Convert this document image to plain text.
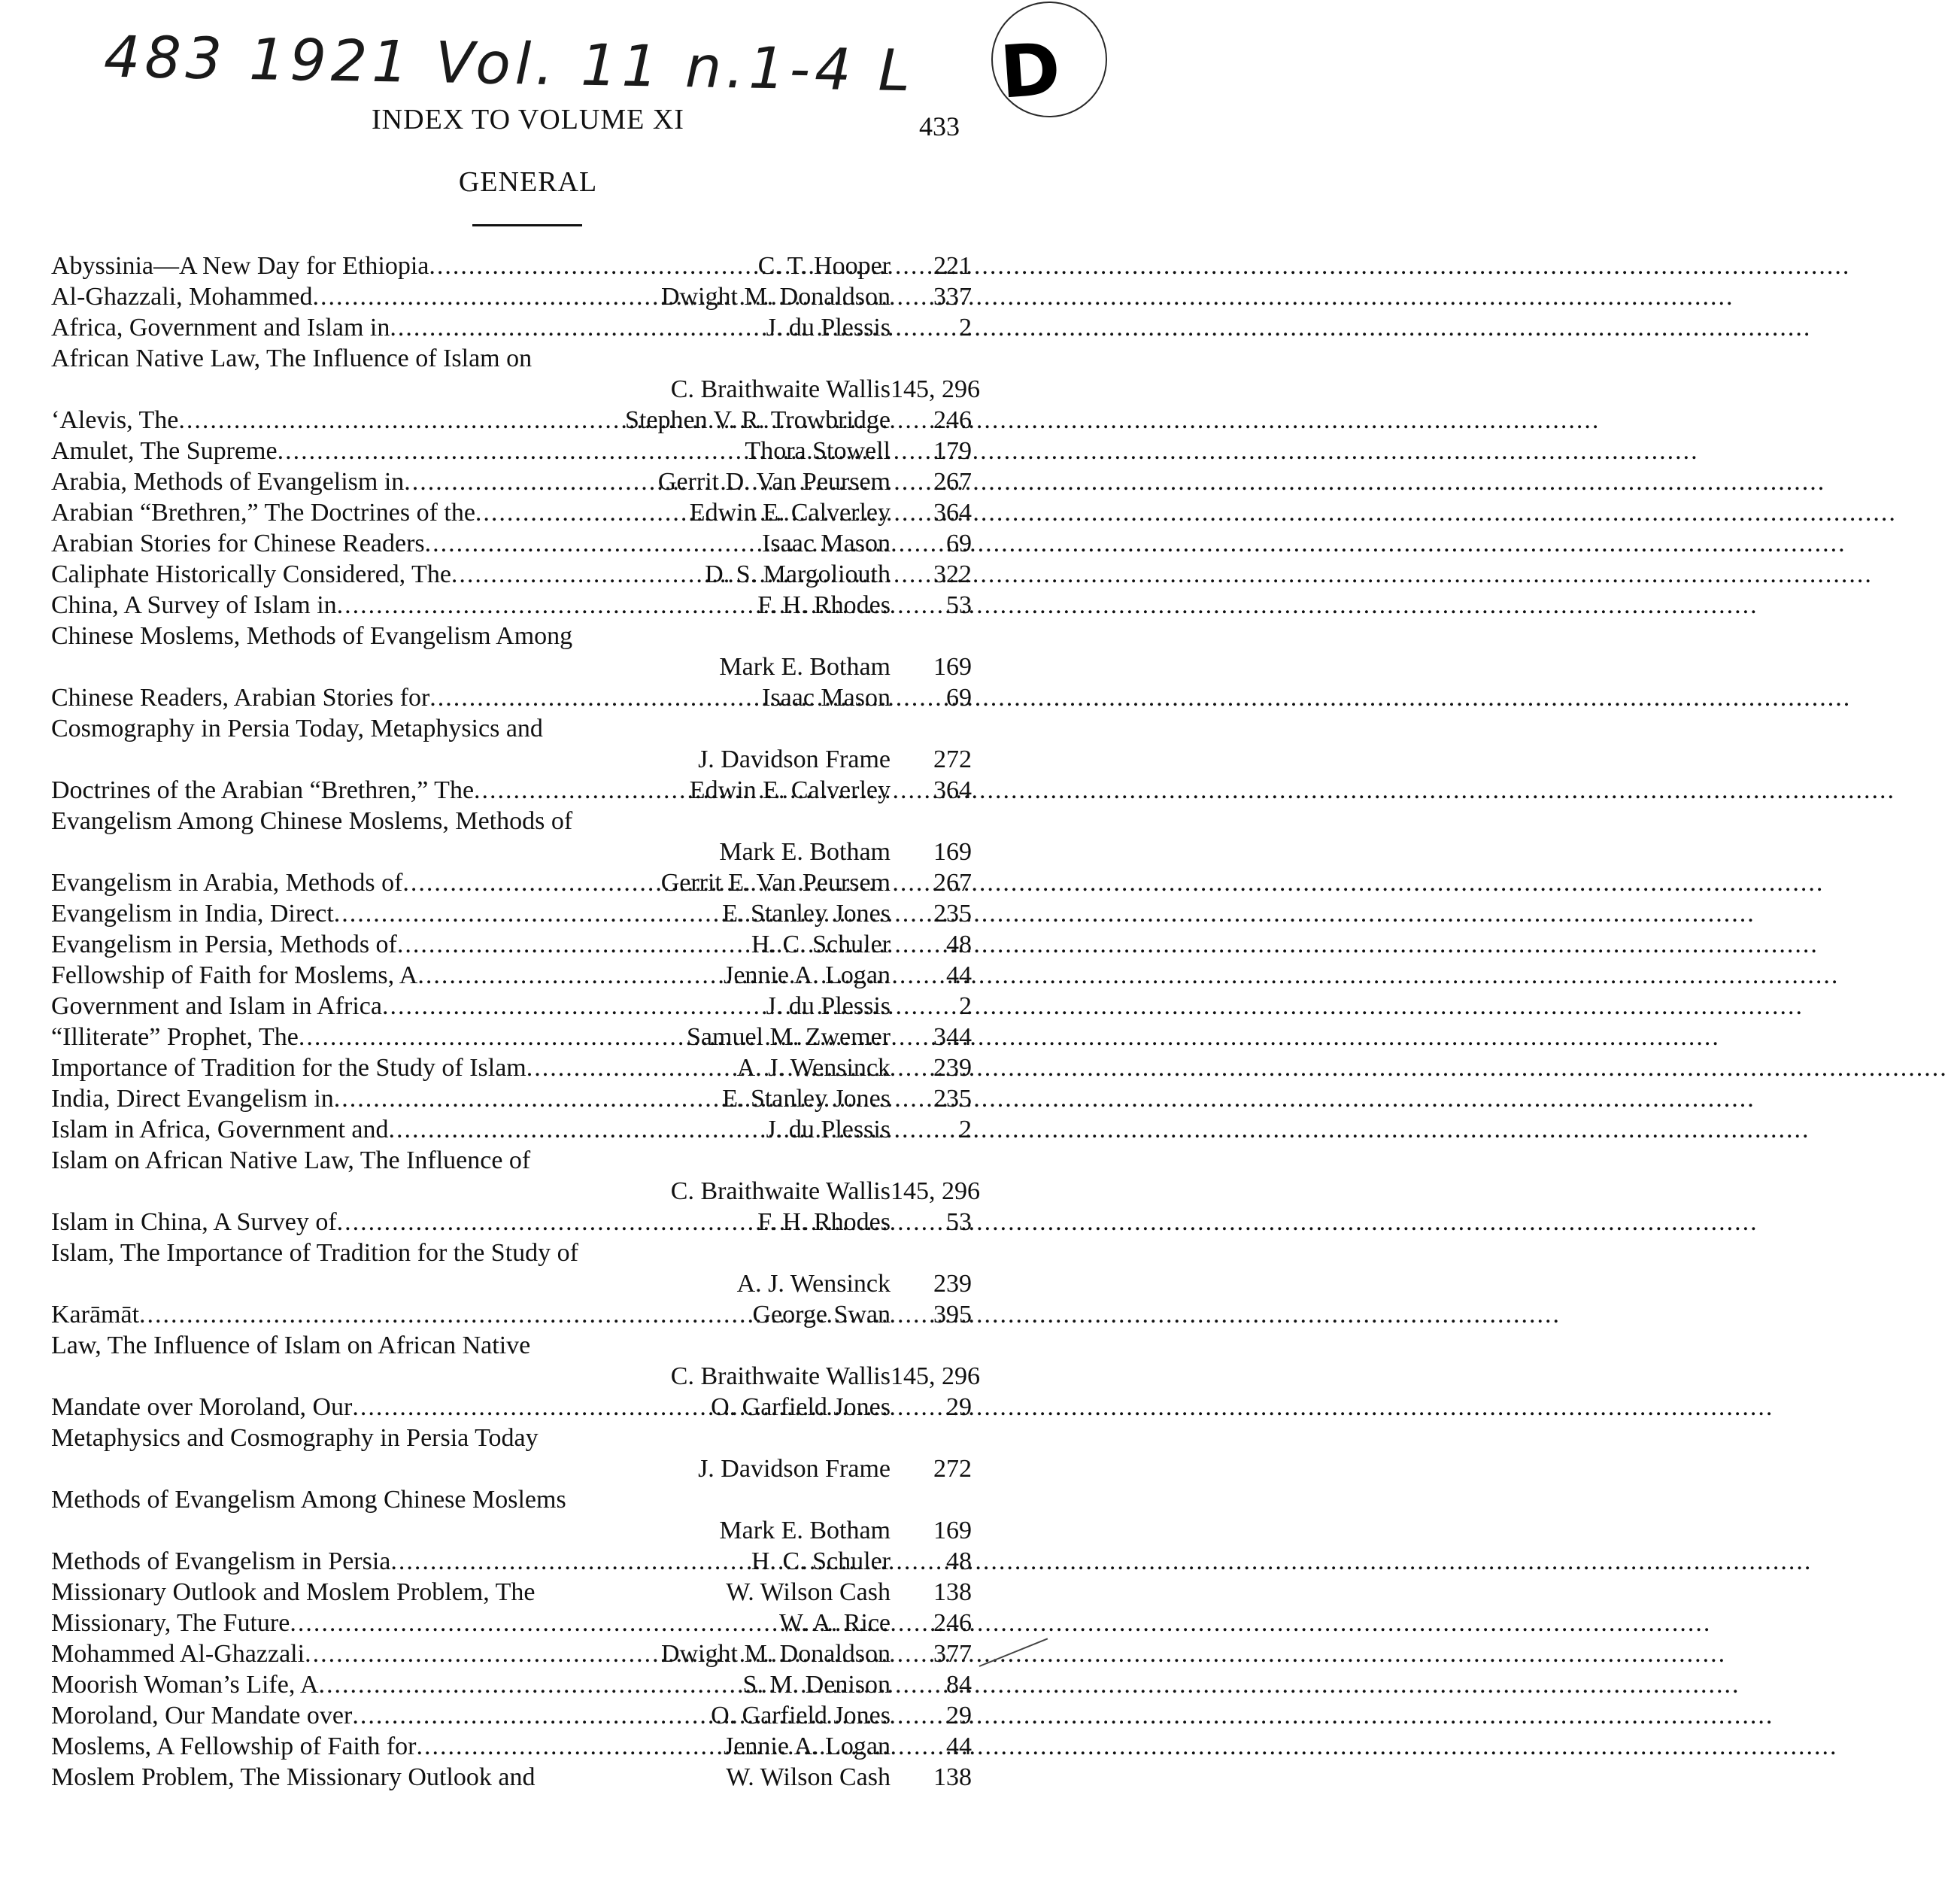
483 1921 Vol. 11 n.1-4 L D
INDEX TO VOLUME XI	433
GENERAL
Abyssinia—A New Day for Ethiopia .....	C. T. Hooper	221
Al-Ghazzali, Mohammed .....	Dwight M. Donaldson	337
Africa, Government and Islam in .....	J. du Plessis	2
African Native Law, The Influence of Islam on
C. Braithwaite Wallis 145, 296
‘Alevis, The .....	Stephen V. R. Trowbridge	246
Amulet, The Supreme .....	Thora Stowell	179
Arabia, Methods of Evangelism in .....	Gerrit D. Van Peursem	267
Arabian “Brethren,” The Doctrines of the .....	Edwin E. Calverley	364
Arabian Stories for Chinese Readers .....	Isaac Mason	69
Caliphate Historically Considered, The .....	D. S. Margoliouth	322
China, A Survey of Islam in .....	F. H. Rhodes	53
Chinese Moslems, Methods of Evangelism Among
Mark E. Botham	169
Chinese Readers, Arabian Stories for .....	Isaac Mason	69
Cosmography in Persia Today, Metaphysics and
J. Davidson Frame	272
Doctrines of the Arabian “Brethren,” The .....	Edwin E. Calverley	364
Evangelism Among Chinese Moslems, Methods of
Mark E. Botham	169
Evangelism in Arabia, Methods of .....	Gerrit E. Van Peursem	267
Evangelism in India, Direct .....	E. Stanley Jones	235
Evangelism in Persia, Methods of .....	H. C. Schuler	48
Fellowship of Faith for Moslems, A .....	Jennie A. Logan	44
Government and Islam in Africa .....	J. du Plessis	2
“Illiterate” Prophet, The .....	Samuel M. Zwemer	344
Importance of Tradition for the Study of Islam .....	A. J. Wensinck	239
India, Direct Evangelism in .....	E. Stanley Jones	235
Islam in Africa, Government and .....	J. du Plessis	2
Islam on African Native Law, The Influence of
C. Braithwaite Wallis 145, 296
Islam in China, A Survey of .....	F. H. Rhodes	53
Islam, The Importance of Tradition for the Study of
A. J. Wensinck	239
Karāmāt .....	George Swan	395
Law, The Influence of Islam on African Native
C. Braithwaite Wallis 145, 296
Mandate over Moroland, Our .....	O. Garfield Jones	29
Metaphysics and Cosmography in Persia Today
J. Davidson Frame	272
Methods of Evangelism Among Chinese Moslems
Mark E. Botham	169
Methods of Evangelism in Persia .....	H. C. Schuler	48
Missionary Outlook and Moslem Problem, The	W. Wilson Cash	138
Missionary, The Future .....	W. A. Rice	246
Mohammed Al-Ghazzali .....	Dwight M. Donaldson	377
Moorish Woman’s Life, A .....	S. M. Denison	84
Moroland, Our Mandate over .....	O. Garfield Jones	29
Moslems, A Fellowship of Faith for .....	Jennie A. Logan	44
Moslem Problem, The Missionary Outlook and	W. Wilson Cash	138
